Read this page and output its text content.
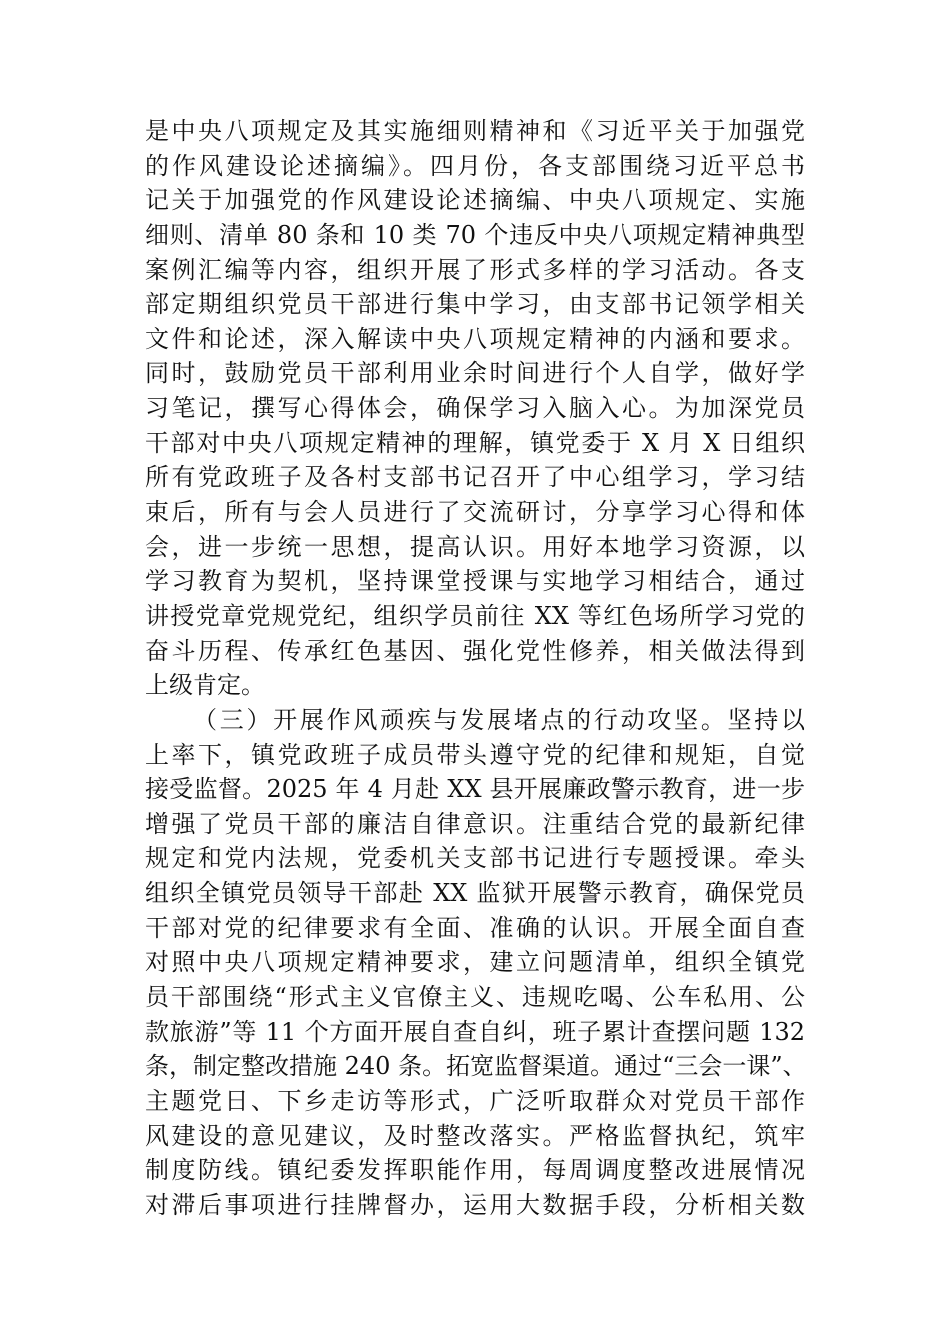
是中央八项规定及其实施细则精神和《习近平关于加强党
的作风建设论述摘编》。四月份，各支部围绕习近平总书
记关于加强党的作风建设论述摘编、中央八项规定、实施
细则、清单 80 条和 10 类 70 个违反中央八项规定精神典型
案例汇编等内容，组织开展了形式多样的学习活动。各支
部定期组织党员干部进行集中学习，由支部书记领学相关
文件和论述，深入解读中央八项规定精神的内涵和要求。
同时，鼓励党员干部利用业余时间进行个人自学，做好学
习笔记，撰写心得体会，确保学习入脑入心。为加深党员
干部对中央八项规定精神的理解，镇党委于 X 月 X 日组织
所有党政班子及各村支部书记召开了中心组学习，学习结
束后，所有与会人员进行了交流研讨，分享学习心得和体
会，进一步统一思想，提高认识。用好本地学习资源，以
学习教育为契机，坚持课堂授课与实地学习相结合，通过
讲授党章党规党纪，组织学员前往 XX 等红色场所学习党的
奋斗历程、传承红色基因、强化党性修养，相关做法得到
上级肯定。
（三）开展作风顽疾与发展堵点的行动攻坚。坚持以
上率下，镇党政班子成员带头遵守党的纪律和规矩，自觉
接受监督。2025 年 4 月赴 XX 县开展廉政警示教育，进一步
增强了党员干部的廉洁自律意识。注重结合党的最新纪律
规定和党内法规，党委机关支部书记进行专题授课。牵头
组织全镇党员领导干部赴 XX 监狱开展警示教育，确保党员
干部对党的纪律要求有全面、准确的认识。开展全面自查
对照中央八项规定精神要求，建立问题清单，组织全镇党
员干部围绕“形式主义官僚主义、违规吃喝、公车私用、公
款旅游”等 11 个方面开展自查自纠，班子累计查摆问题 132
条，制定整改措施 240 条。拓宽监督渠道。通过“三会一课”、
主题党日、下乡走访等形式，广泛听取群众对党员干部作
风建设的意见建议，及时整改落实。严格监督执纪，筑牢
制度防线。镇纪委发挥职能作用，每周调度整改进展情况
对滞后事项进行挂牌督办，运用大数据手段，分析相关数
